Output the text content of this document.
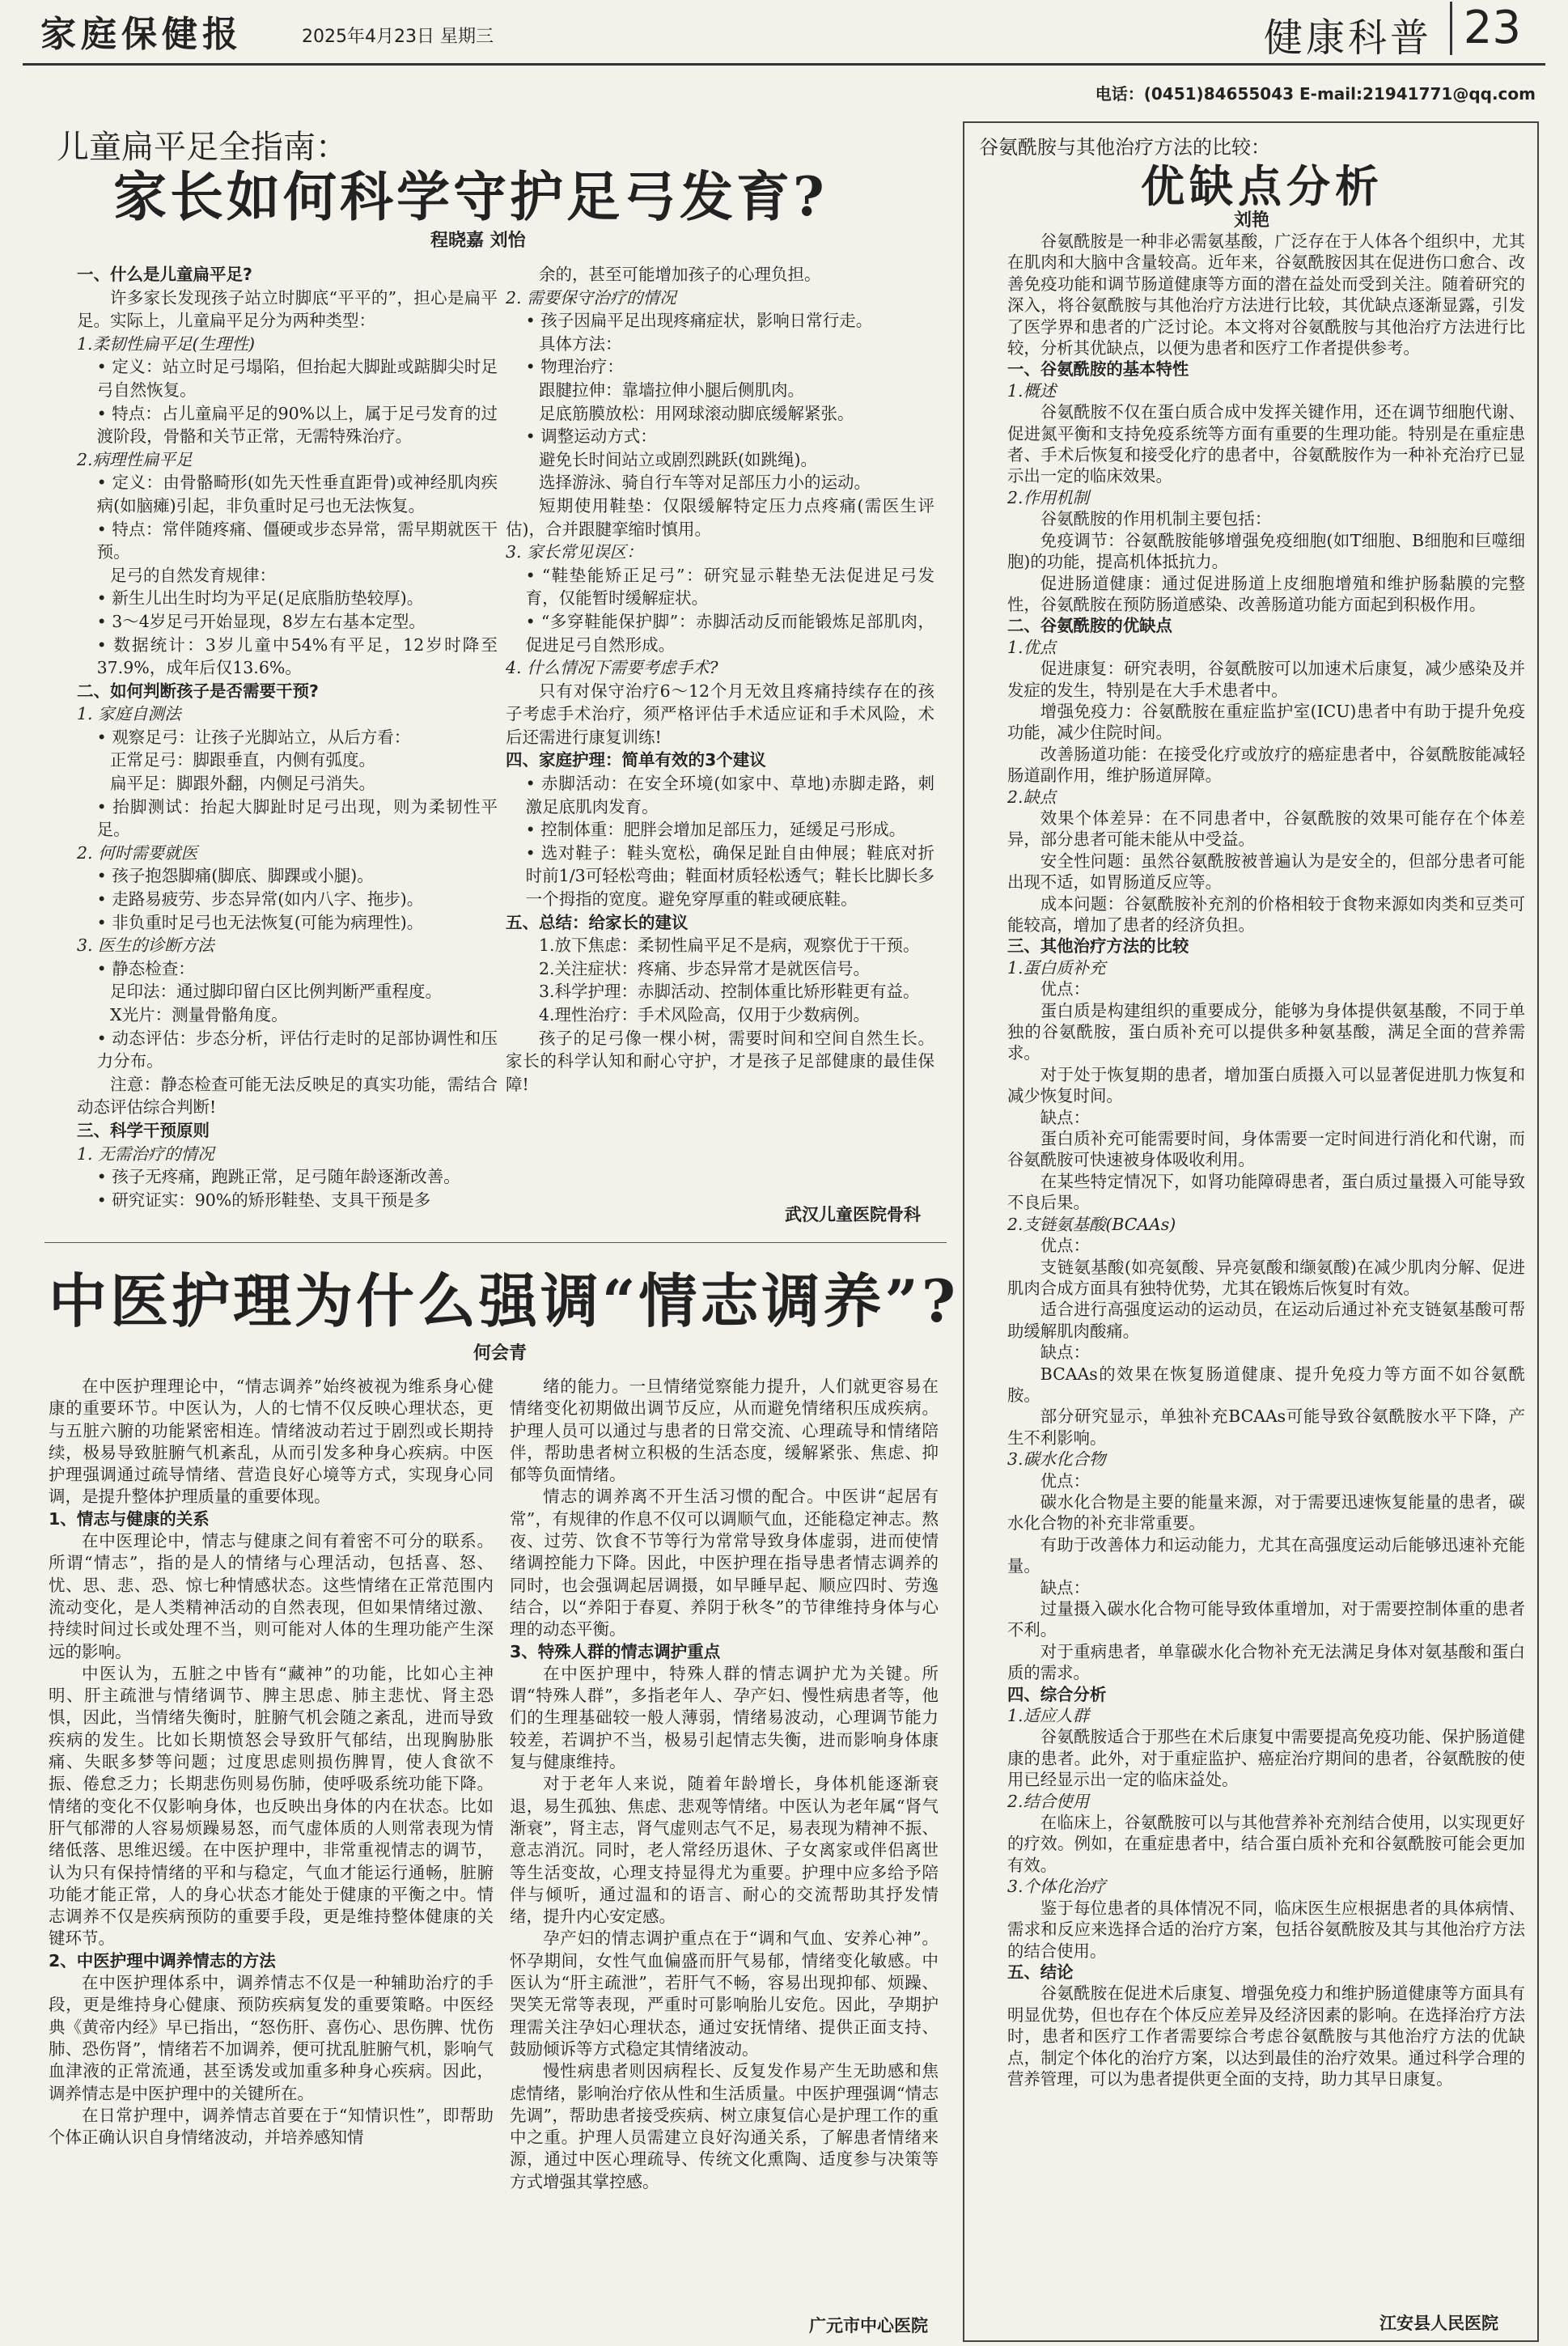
家庭保健报	2025年4月23日 星期三	健康科普 23
电话：(0451)84655043 E-mail:21941771@qq.com
儿童扁平足全指南：
家长如何科学守护足弓发育?
程晓嘉 刘怡

一、什么是儿童扁平足?

许多家长发现孩子站立时脚底“平平的”，担心是扁平足。实际上，儿童扁平足分为两种类型：

1.柔韧性扁平足(生理性)

• 定义：站立时足弓塌陷，但抬起大脚趾或踮脚尖时足弓自然恢复。

• 特点：占儿童扁平足的90%以上，属于足弓发育的过渡阶段，骨骼和关节正常，无需特殊治疗。

2.病理性扁平足

• 定义：由骨骼畸形(如先天性垂直距骨)或神经肌肉疾病(如脑瘫)引起，非负重时足弓也无法恢复。

• 特点：常伴随疼痛、僵硬或步态异常，需早期就医干预。

足弓的自然发育规律：

• 新生儿出生时均为平足(足底脂肪垫较厚)。

• 3～4岁足弓开始显现，8岁左右基本定型。

• 数据统计：3岁儿童中54%有平足，12岁时降至37.9%，成年后仅13.6%。

二、如何判断孩子是否需要干预?

1. 家庭自测法

• 观察足弓：让孩子光脚站立，从后方看：

正常足弓：脚跟垂直，内侧有弧度。

扁平足：脚跟外翻，内侧足弓消失。

• 抬脚测试：抬起大脚趾时足弓出现，则为柔韧性平足。

2. 何时需要就医

• 孩子抱怨脚痛(脚底、脚踝或小腿)。

• 走路易疲劳、步态异常(如内八字、拖步)。

• 非负重时足弓也无法恢复(可能为病理性)。

3. 医生的诊断方法

• 静态检查：

足印法：通过脚印留白区比例判断严重程度。

X光片：测量骨骼角度。

• 动态评估：步态分析，评估行走时的足部协调性和压力分布。

注意：静态检查可能无法反映足的真实功能，需结合动态评估综合判断!

三、科学干预原则

1. 无需治疗的情况

• 孩子无疼痛，跑跳正常，足弓随年龄逐渐改善。

• 研究证实：90%的矫形鞋垫、支具干预是多

余的，甚至可能增加孩子的心理负担。

2. 需要保守治疗的情况

• 孩子因扁平足出现疼痛症状，影响日常行走。

具体方法：

• 物理治疗：

跟腱拉伸：靠墙拉伸小腿后侧肌肉。

足底筋膜放松：用网球滚动脚底缓解紧张。

• 调整运动方式：

避免长时间站立或剧烈跳跃(如跳绳)。

选择游泳、骑自行车等对足部压力小的运动。

短期使用鞋垫：仅限缓解特定压力点疼痛(需医生评估)，合并跟腱挛缩时慎用。

3. 家长常见误区：

• “鞋垫能矫正足弓”：研究显示鞋垫无法促进足弓发育，仅能暂时缓解症状。

• “多穿鞋能保护脚”：赤脚活动反而能锻炼足部肌肉，促进足弓自然形成。

4. 什么情况下需要考虑手术?

只有对保守治疗6～12个月无效且疼痛持续存在的孩子考虑手术治疗，须严格评估手术适应证和手术风险，术后还需进行康复训练!

四、家庭护理：简单有效的3个建议

• 赤脚活动：在安全环境(如家中、草地)赤脚走路，刺激足底肌肉发育。

• 控制体重：肥胖会增加足部压力，延缓足弓形成。

• 选对鞋子：鞋头宽松，确保足趾自由伸展；鞋底对折时前1/3可轻松弯曲；鞋面材质轻松透气；鞋长比脚长多一个拇指的宽度。避免穿厚重的鞋或硬底鞋。

五、总结：给家长的建议

1.放下焦虑：柔韧性扁平足不是病，观察优于干预。

2.关注症状：疼痛、步态异常才是就医信号。

3.科学护理：赤脚活动、控制体重比矫形鞋更有益。

4.理性治疗：手术风险高，仅用于少数病例。

孩子的足弓像一棵小树，需要时间和空间自然生长。家长的科学认知和耐心守护，才是孩子足部健康的最佳保障!

武汉儿童医院骨科
中医护理为什么强调“情志调养”?
何会青

在中医护理理论中，“情志调养”始终被视为维系身心健康的重要环节。中医认为，人的七情不仅反映心理状态，更与五脏六腑的功能紧密相连。情绪波动若过于剧烈或长期持续，极易导致脏腑气机紊乱，从而引发多种身心疾病。中医护理强调通过疏导情绪、营造良好心境等方式，实现身心同调，是提升整体护理质量的重要体现。

1、情志与健康的关系

在中医理论中，情志与健康之间有着密不可分的联系。所谓“情志”，指的是人的情绪与心理活动，包括喜、怒、忧、思、悲、恐、惊七种情感状态。这些情绪在正常范围内流动变化，是人类精神活动的自然表现，但如果情绪过激、持续时间过长或处理不当，则可能对人体的生理功能产生深远的影响。

中医认为，五脏之中皆有“藏神”的功能，比如心主神明、肝主疏泄与情绪调节、脾主思虑、肺主悲忧、肾主恐惧，因此，当情绪失衡时，脏腑气机会随之紊乱，进而导致疾病的发生。比如长期愤怒会导致肝气郁结，出现胸胁胀痛、失眠多梦等问题；过度思虑则损伤脾胃，使人食欲不振、倦怠乏力；长期悲伤则易伤肺，使呼吸系统功能下降。情绪的变化不仅影响身体，也反映出身体的内在状态。比如肝气郁滞的人容易烦躁易怒，而气虚体质的人则常表现为情绪低落、思维迟缓。在中医护理中，非常重视情志的调节，认为只有保持情绪的平和与稳定，气血才能运行通畅，脏腑功能才能正常，人的身心状态才能处于健康的平衡之中。情志调养不仅是疾病预防的重要手段，更是维持整体健康的关键环节。

2、中医护理中调养情志的方法

在中医护理体系中，调养情志不仅是一种辅助治疗的手段，更是维持身心健康、预防疾病复发的重要策略。中医经典《黄帝内经》早已指出，“怒伤肝、喜伤心、思伤脾、忧伤肺、恐伤肾”，情绪若不加调养，便可扰乱脏腑气机，影响气血津液的正常流通，甚至诱发或加重多种身心疾病。因此，调养情志是中医护理中的关键所在。

在日常护理中，调养情志首要在于“知情识性”，即帮助个体正确认识自身情绪波动，并培养感知情

绪的能力。一旦情绪觉察能力提升，人们就更容易在情绪变化初期做出调节反应，从而避免情绪积压成疾病。护理人员可以通过与患者的日常交流、心理疏导和情绪陪伴，帮助患者树立积极的生活态度，缓解紧张、焦虑、抑郁等负面情绪。

情志的调养离不开生活习惯的配合。中医讲“起居有常”，有规律的作息不仅可以调顺气血，还能稳定神志。熬夜、过劳、饮食不节等行为常常导致身体虚弱，进而使情绪调控能力下降。因此，中医护理在指导患者情志调养的同时，也会强调起居调摄，如早睡早起、顺应四时、劳逸结合，以“养阳于春夏、养阴于秋冬”的节律维持身体与心理的动态平衡。

3、特殊人群的情志调护重点

在中医护理中，特殊人群的情志调护尤为关键。所谓“特殊人群”，多指老年人、孕产妇、慢性病患者等，他们的生理基础较一般人薄弱，情绪易波动，心理调节能力较差，若调护不当，极易引起情志失衡，进而影响身体康复与健康维持。

对于老年人来说，随着年龄增长，身体机能逐渐衰退，易生孤独、焦虑、悲观等情绪。中医认为老年属“肾气渐衰”，肾主志，肾气虚则志气不足，易表现为精神不振、意志消沉。同时，老人常经历退休、子女离家或伴侣离世等生活变故，心理支持显得尤为重要。护理中应多给予陪伴与倾听，通过温和的语言、耐心的交流帮助其抒发情绪，提升内心安定感。

孕产妇的情志调护重点在于“调和气血、安养心神”。怀孕期间，女性气血偏盛而肝气易郁，情绪变化敏感。中医认为“肝主疏泄”，若肝气不畅，容易出现抑郁、烦躁、哭笑无常等表现，严重时可影响胎儿安危。因此，孕期护理需关注孕妇心理状态，通过安抚情绪、提供正面支持、鼓励倾诉等方式稳定其情绪波动。

慢性病患者则因病程长、反复发作易产生无助感和焦虑情绪，影响治疗依从性和生活质量。中医护理强调“情志先调”，帮助患者接受疾病、树立康复信心是护理工作的重中之重。护理人员需建立良好沟通关系，了解患者情绪来源，通过中医心理疏导、传统文化熏陶、适度参与决策等方式增强其掌控感。

广元市中心医院
谷氨酰胺与其他治疗方法的比较：
优缺点分析
刘艳

谷氨酰胺是一种非必需氨基酸，广泛存在于人体各个组织中，尤其在肌肉和大脑中含量较高。近年来，谷氨酰胺因其在促进伤口愈合、改善免疫功能和调节肠道健康等方面的潜在益处而受到关注。随着研究的深入，将谷氨酰胺与其他治疗方法进行比较，其优缺点逐渐显露，引发了医学界和患者的广泛讨论。本文将对谷氨酰胺与其他治疗方法进行比较，分析其优缺点，以便为患者和医疗工作者提供参考。

一、谷氨酰胺的基本特性

1.概述

谷氨酰胺不仅在蛋白质合成中发挥关键作用，还在调节细胞代谢、促进氮平衡和支持免疫系统等方面有重要的生理功能。特别是在重症患者、手术后恢复和接受化疗的患者中，谷氨酰胺作为一种补充治疗已显示出一定的临床效果。

2.作用机制

谷氨酰胺的作用机制主要包括：

免疫调节：谷氨酰胺能够增强免疫细胞(如T细胞、B细胞和巨噬细胞)的功能，提高机体抵抗力。

促进肠道健康：通过促进肠道上皮细胞增殖和维护肠黏膜的完整性，谷氨酰胺在预防肠道感染、改善肠道功能方面起到积极作用。

二、谷氨酰胺的优缺点

1.优点

促进康复：研究表明，谷氨酰胺可以加速术后康复，减少感染及并发症的发生，特别是在大手术患者中。

增强免疫力：谷氨酰胺在重症监护室(ICU)患者中有助于提升免疫功能，减少住院时间。

改善肠道功能：在接受化疗或放疗的癌症患者中，谷氨酰胺能减轻肠道副作用，维护肠道屏障。

2.缺点

效果个体差异：在不同患者中，谷氨酰胺的效果可能存在个体差异，部分患者可能未能从中受益。

安全性问题：虽然谷氨酰胺被普遍认为是安全的，但部分患者可能出现不适，如胃肠道反应等。

成本问题：谷氨酰胺补充剂的价格相较于食物来源如肉类和豆类可能较高，增加了患者的经济负担。

三、其他治疗方法的比较

1.蛋白质补充

优点：

蛋白质是构建组织的重要成分，能够为身体提供氨基酸，不同于单独的谷氨酰胺，蛋白质补充可以提供多种氨基酸，满足全面的营养需求。

对于处于恢复期的患者，增加蛋白质摄入可以显著促进肌力恢复和减少恢复时间。

缺点：

蛋白质补充可能需要时间，身体需要一定时间进行消化和代谢，而谷氨酰胺可快速被身体吸收利用。

在某些特定情况下，如肾功能障碍患者，蛋白质过量摄入可能导致不良后果。

2.支链氨基酸(BCAAs)

优点：

支链氨基酸(如亮氨酸、异亮氨酸和缬氨酸)在减少肌肉分解、促进肌肉合成方面具有独特优势，尤其在锻炼后恢复时有效。

适合进行高强度运动的运动员，在运动后通过补充支链氨基酸可帮助缓解肌肉酸痛。

缺点：

BCAAs的效果在恢复肠道健康、提升免疫力等方面不如谷氨酰胺。

部分研究显示，单独补充BCAAs可能导致谷氨酰胺水平下降，产生不利影响。

3.碳水化合物

优点：

碳水化合物是主要的能量来源，对于需要迅速恢复能量的患者，碳水化合物的补充非常重要。

有助于改善体力和运动能力，尤其在高强度运动后能够迅速补充能量。

缺点：

过量摄入碳水化合物可能导致体重增加，对于需要控制体重的患者不利。

对于重病患者，单靠碳水化合物补充无法满足身体对氨基酸和蛋白质的需求。

四、综合分析

1.适应人群

谷氨酰胺适合于那些在术后康复中需要提高免疫功能、保护肠道健康的患者。此外，对于重症监护、癌症治疗期间的患者，谷氨酰胺的使用已经显示出一定的临床益处。

2.结合使用

在临床上，谷氨酰胺可以与其他营养补充剂结合使用，以实现更好的疗效。例如，在重症患者中，结合蛋白质补充和谷氨酰胺可能会更加有效。

3.个体化治疗

鉴于每位患者的具体情况不同，临床医生应根据患者的具体病情、需求和反应来选择合适的治疗方案，包括谷氨酰胺及其与其他治疗方法的结合使用。

五、结论

谷氨酰胺在促进术后康复、增强免疫力和维护肠道健康等方面具有明显优势，但也存在个体反应差异及经济因素的影响。在选择治疗方法时，患者和医疗工作者需要综合考虑谷氨酰胺与其他治疗方法的优缺点，制定个体化的治疗方案，以达到最佳的治疗效果。通过科学合理的营养管理，可以为患者提供更全面的支持，助力其早日康复。

江安县人民医院
